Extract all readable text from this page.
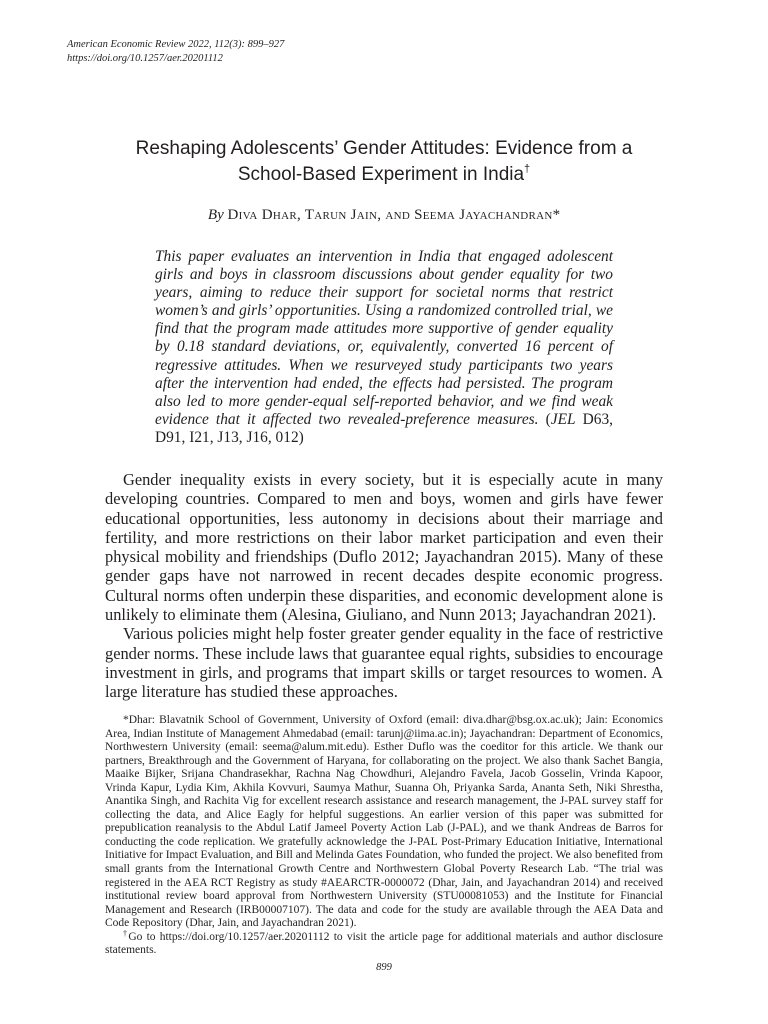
American Economic Review 2022, 112(3): 899–927
https://doi.org/10.1257/aer.20201112
Reshaping Adolescents’ Gender Attitudes: Evidence from a
School-Based Experiment in India†
By Diva Dhar, Tarun Jain, and Seema Jayachandran*
This paper evaluates an intervention in India that engaged adolescent girls and boys in classroom discussions about gender equality for two years, aiming to reduce their support for societal norms that restrict women’s and girls’ opportunities. Using a randomized controlled trial, we find that the program made attitudes more supportive of gender equality by 0.18 standard deviations, or, equivalently, converted 16 percent of regressive attitudes. When we resurveyed study participants two years after the intervention had ended, the effects had persisted. The program also led to more gender-equal self-reported behavior, and we find weak evidence that it affected two revealed-preference measures. (JEL D63, D91, I21, J13, J16, 012)

Gender inequality exists in every society, but it is especially acute in many developing countries. Compared to men and boys, women and girls have fewer educational opportunities, less autonomy in decisions about their marriage and fertility, and more restrictions on their labor market participation and even their physical mobility and friendships (Duflo 2012; Jayachandran 2015). Many of these gender gaps have not narrowed in recent decades despite economic progress. Cultural norms often underpin these disparities, and economic development alone is unlikely to eliminate them (Alesina, Giuliano, and Nunn 2013; Jayachandran 2021).

Various policies might help foster greater gender equality in the face of restrictive gender norms. These include laws that guarantee equal rights, subsidies to encourage investment in girls, and programs that impart skills or target resources to women. A large literature has studied these approaches.

*Dhar: Blavatnik School of Government, University of Oxford (email: diva.dhar@bsg.ox.ac.uk); Jain: Economics Area, Indian Institute of Management Ahmedabad (email: tarunj@iima.ac.in); Jayachandran: Department of Economics, Northwestern University (email: seema@alum.mit.edu). Esther Duflo was the coeditor for this article. We thank our partners, Breakthrough and the Government of Haryana, for collaborating on the project. We also thank Sachet Bangia, Maaike Bijker, Srijana Chandrasekhar, Rachna Nag Chowdhuri, Alejandro Favela, Jacob Gosselin, Vrinda Kapoor, Vrinda Kapur, Lydia Kim, Akhila Kovvuri, Saumya Mathur, Suanna Oh, Priyanka Sarda, Ananta Seth, Niki Shrestha, Anantika Singh, and Rachita Vig for excellent research assistance and research management, the J-PAL survey staff for collecting the data, and Alice Eagly for helpful suggestions. An earlier version of this paper was submitted for prepublication reanalysis to the Abdul Latif Jameel Poverty Action Lab (J-PAL), and we thank Andreas de Barros for conducting the code replication. We gratefully acknowledge the J-PAL Post-Primary Education Initiative, International Initiative for Impact Evaluation, and Bill and Melinda Gates Foundation, who funded the project. We also benefited from small grants from the International Growth Centre and Northwestern Global Poverty Research Lab. “The trial was registered in the AEA RCT Registry as study #AEARCTR-0000072 (Dhar, Jain, and Jayachandran 2014) and received institutional review board approval from Northwestern University (STU00081053) and the Institute for Financial Management and Research (IRB00007107). The data and code for the study are available through the AEA Data and Code Repository (Dhar, Jain, and Jayachandran 2021).

†Go to https://doi.org/10.1257/aer.20201112 to visit the article page for additional materials and author disclosure statements.

899
